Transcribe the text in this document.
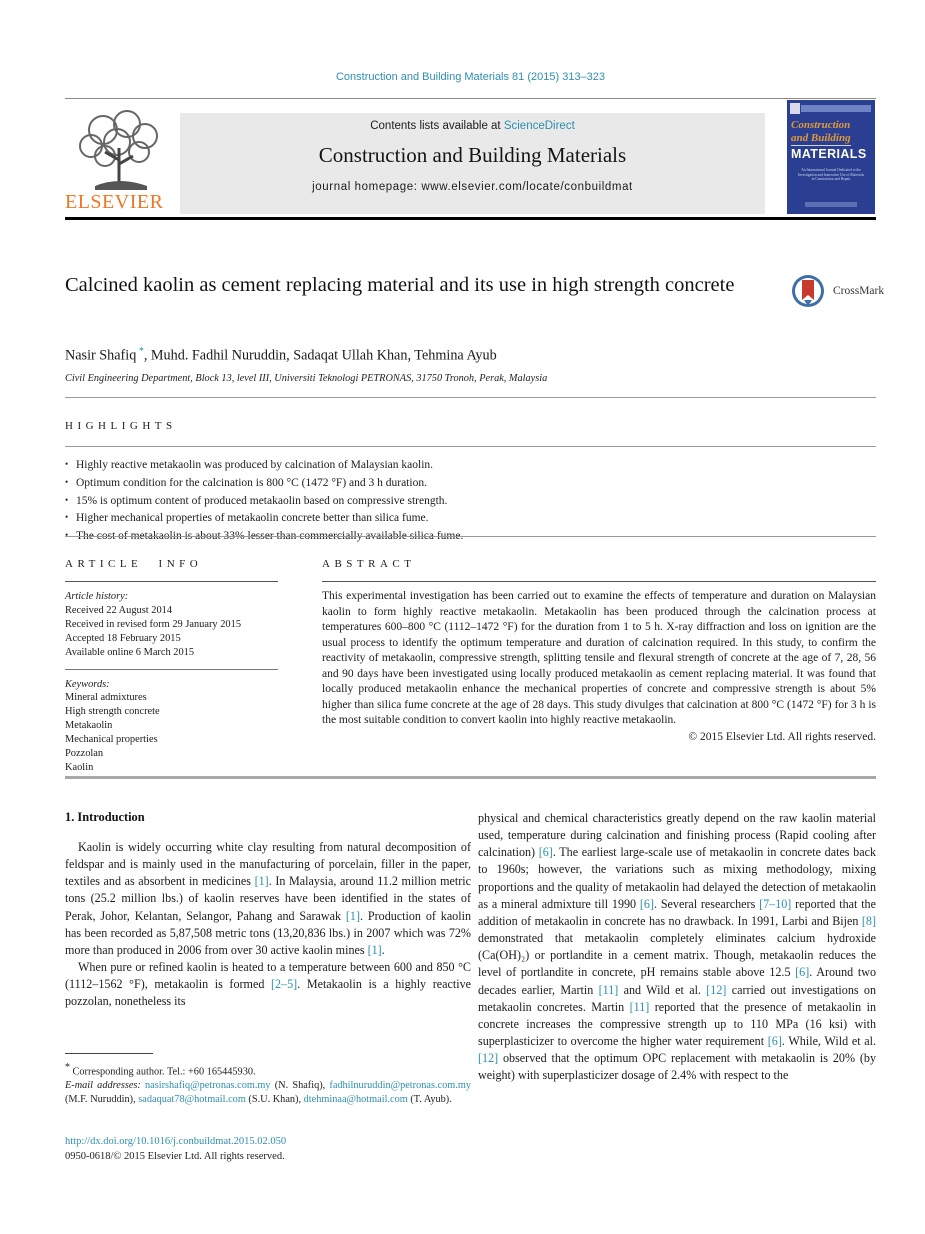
Construction and Building Materials 81 (2015) 313–323
ELSEVIER
Contents lists available at ScienceDirect
Construction and Building Materials
journal homepage: www.elsevier.com/locate/conbuildmat
Construction
and Building
MATERIALS
An International Journal Dedicated to the Investigation and Innovative Use of Materials in Construction and Repair
Calcined kaolin as cement replacing material and its use in high strength concrete	CrossMark
Nasir Shafiq *, Muhd. Fadhil Nuruddin, Sadaqat Ullah Khan, Tehmina Ayub
Civil Engineering Department, Block 13, level III, Universiti Teknologi PETRONAS, 31750 Tronoh, Perak, Malaysia
HIGHLIGHTS
• Highly reactive metakaolin was produced by calcination of Malaysian kaolin.
• Optimum condition for the calcination is 800 °C (1472 °F) and 3 h duration.
• 15% is optimum content of produced metakaolin based on compressive strength.
• Higher mechanical properties of metakaolin concrete better than silica fume.
• The cost of metakaolin is about 33% lesser than commercially available silica fume.
ARTICLE INFO	ABSTRACT
Article history:
Received 22 August 2014
Received in revised form 29 January 2015
Accepted 18 February 2015
Available online 6 March 2015
Keywords:
Mineral admixtures
High strength concrete
Metakaolin
Mechanical properties
Pozzolan
Kaolin
This experimental investigation has been carried out to examine the effects of temperature and duration on Malaysian kaolin to form highly reactive metakaolin. Metakaolin has been produced through the calcination process at temperatures 600–800 °C (1112–1472 °F) for the duration from 1 to 5 h. X-ray diffraction and loss on ignition are the usual process to identify the optimum temperature and duration of calcination required. In this study, to confirm the reactivity of metakaolin, compressive strength, splitting tensile and flexural strength of concrete at the age of 7, 28, 56 and 90 days have been investigated using locally produced metakaolin as cement replacing material. It was found that locally produced metakaolin enhance the mechanical properties of concrete and compressive strength is about 5% higher than silica fume concrete at the age of 28 days. This study divulges that calcination at 800 °C (1472 °F) for 3 h is the most suitable condition to convert kaolin into highly reactive metakaolin.
© 2015 Elsevier Ltd. All rights reserved.
1. Introduction

Kaolin is widely occurring white clay resulting from natural decomposition of feldspar and is mainly used in the manufacturing of porcelain, filler in the paper, textiles and as absorbent in medicines [1]. In Malaysia, around 11.2 million metric tons (25.2 million lbs.) of kaolin reserves have been identified in the states of Perak, Johor, Kelantan, Selangor, Pahang and Sarawak [1]. Production of kaolin has been recorded as 5,87,508 metric tons (13,20,836 lbs.) in 2007 which was 72% more than produced in 2006 from over 30 active kaolin mines [1].

When pure or refined kaolin is heated to a temperature between 600 and 850 °C (1112–1562 °F), metakaolin is formed [2–5]. Metakaolin is a highly reactive pozzolan, nonetheless its

physical and chemical characteristics greatly depend on the raw kaolin material used, temperature during calcination and finishing process (Rapid cooling after calcination) [6]. The earliest large-scale use of metakaolin in concrete dates back to 1960s; however, the variations such as mixing methodology, mixing proportions and the quality of metakaolin had delayed the detection of metakaolin as a mineral admixture till 1990 [6]. Several researchers [7–10] reported that the addition of metakaolin in concrete has no drawback. In 1991, Larbi and Bijen [8] demonstrated that metakaolin completely eliminates calcium hydroxide (Ca(OH)₂) or portlandite in a cement matrix. Though, metakaolin reduces the level of portlandite in concrete, pH remains stable above 12.5 [6]. Around two decades earlier, Martin [11] and Wild et al. [12] carried out investigations on metakaolin concretes. Martin [11] reported that the presence of metakaolin in concrete increases the compressive strength up to 110 MPa (16 ksi) with superplasticizer to overcome the higher water requirement [6]. While, Wild et al. [12] observed that the optimum OPC replacement with metakaolin is 20% (by weight) with superplasticizer dosage of 2.4% with respect to the

* Corresponding author. Tel.: +60 165445930.
E-mail addresses: nasirshafiq@petronas.com.my (N. Shafiq), fadhilnuruddin@petronas.com.my (M.F. Nuruddin), sadaquat78@hotmail.com (S.U. Khan), dtehminaa@hotmail.com (T. Ayub).
http://dx.doi.org/10.1016/j.conbuildmat.2015.02.050
0950-0618/© 2015 Elsevier Ltd. All rights reserved.
